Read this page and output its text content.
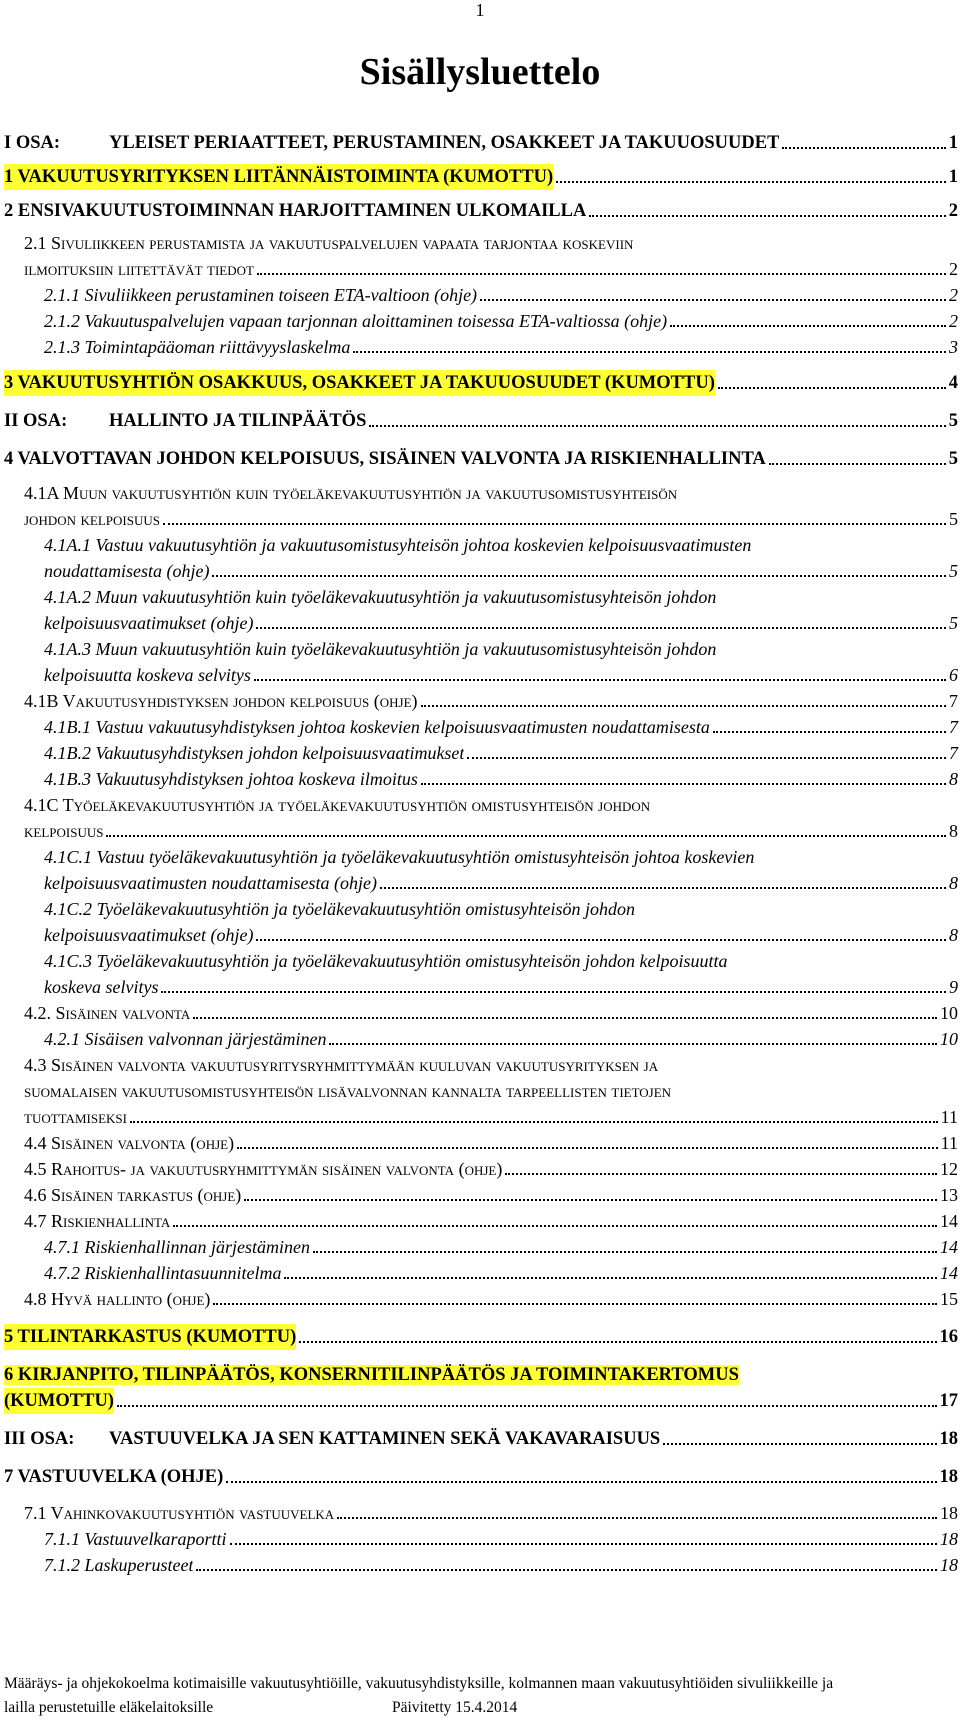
1
Sisällysluettelo
I OSA:	YLEISET PERIAATTEET, PERUSTAMINEN, OSAKKEET JA TAKUUOSUUDET	1
1 VAKUUTUSYRITYKSEN LIITÄNNÄISTOIMINTA (KUMOTTU)	1
2 ENSIVAKUUTUSTOIMINNAN HARJOITTAMINEN ULKOMAILLA	2
2.1 Sivuliikkeen perustamista ja vakuutuspalvelujen vapaata tarjontaa koskeviin
ilmoituksiin liitettävät tiedot	2
2.1.1 Sivuliikkeen perustaminen toiseen ETA-valtioon (ohje)	2
2.1.2 Vakuutuspalvelujen vapaan tarjonnan aloittaminen toisessa ETA-valtiossa (ohje)	2
2.1.3 Toimintapääoman riittävyyslaskelma	3
3 VAKUUTUSYHTIÖN OSAKKUUS, OSAKKEET JA TAKUUOSUUDET (KUMOTTU)	4
II OSA: HALLINTO JA TILINPÄÄTÖS	5
4 VALVOTTAVAN JOHDON KELPOISUUS, SISÄINEN VALVONTA JA RISKIENHALLINTA	5
4.1A Muun vakuutusyhtiön kuin työeläkevakuutusyhtiön ja vakuutusomistusyhteisön
johdon kelpoisuus	5
4.1A.1 Vastuu vakuutusyhtiön ja vakuutusomistusyhteisön johtoa koskevien kelpoisuusvaatimusten
noudattamisesta (ohje)	5
4.1A.2 Muun vakuutusyhtiön kuin työeläkevakuutusyhtiön ja vakuutusomistusyhteisön johdon
kelpoisuusvaatimukset (ohje)	5
4.1A.3 Muun vakuutusyhtiön kuin työeläkevakuutusyhtiön ja vakuutusomistusyhteisön johdon
kelpoisuutta koskeva selvitys	6
4.1B Vakuutusyhdistyksen johdon kelpoisuus (ohje)	7
4.1B.1 Vastuu vakuutusyhdistyksen johtoa koskevien kelpoisuusvaatimusten noudattamisesta	7
4.1B.2 Vakuutusyhdistyksen johdon kelpoisuusvaatimukset	7
4.1B.3 Vakuutusyhdistyksen johtoa koskeva ilmoitus	8
4.1C Työeläkevakuutusyhtiön ja työeläkevakuutusyhtiön omistusyhteisön johdon
kelpoisuus	8
4.1C.1 Vastuu työeläkevakuutusyhtiön ja työeläkevakuutusyhtiön omistusyhteisön johtoa koskevien
kelpoisuusvaatimusten noudattamisesta (ohje)	8
4.1C.2 Työeläkevakuutusyhtiön ja työeläkevakuutusyhtiön omistusyhteisön johdon
kelpoisuusvaatimukset (ohje)	8
4.1C.3 Työeläkevakuutusyhtiön ja työeläkevakuutusyhtiön omistusyhteisön johdon kelpoisuutta
koskeva selvitys	9
4.2. Sisäinen valvonta	10
4.2.1 Sisäisen valvonnan järjestäminen	10
4.3 Sisäinen valvonta vakuutusyritysryhmittymään kuuluvan vakuutusyrityksen ja
suomalaisen vakuutusomistusyhteisön lisävalvonnan kannalta tarpeellisten tietojen
tuottamiseksi	11
4.4 Sisäinen valvonta (ohje)	11
4.5 Rahoitus- ja vakuutusryhmittymän sisäinen valvonta (ohje)	12
4.6 Sisäinen tarkastus (ohje)	13
4.7 Riskienhallinta	14
4.7.1 Riskienhallinnan järjestäminen	14
4.7.2 Riskienhallintasuunnitelma	14
4.8 Hyvä hallinto (ohje)	15
5 TILINTARKASTUS (KUMOTTU)	16
6 KIRJANPITO, TILINPÄÄTÖS, KONSERNITILINPÄÄTÖS JA TOIMINTAKERTOMUS
(KUMOTTU)	17
III OSA: VASTUUVELKA JA SEN KATTAMINEN SEKÄ VAKAVARAISUUS	18
7 VASTUUVELKA (OHJE)	18
7.1 Vahinkovakuutusyhtiön vastuuvelka	18
7.1.1 Vastuuvelkaraportti	18
7.1.2 Laskuperusteet	18
Määräys- ja ohjekokoelma kotimaisille vakuutusyhtiöille, vakuutusyhdistyksille, kolmannen maan vakuutusyhtiöiden sivuliikkeille ja
lailla perustetuille eläkelaitoksille	Päivitetty 15.4.2014
